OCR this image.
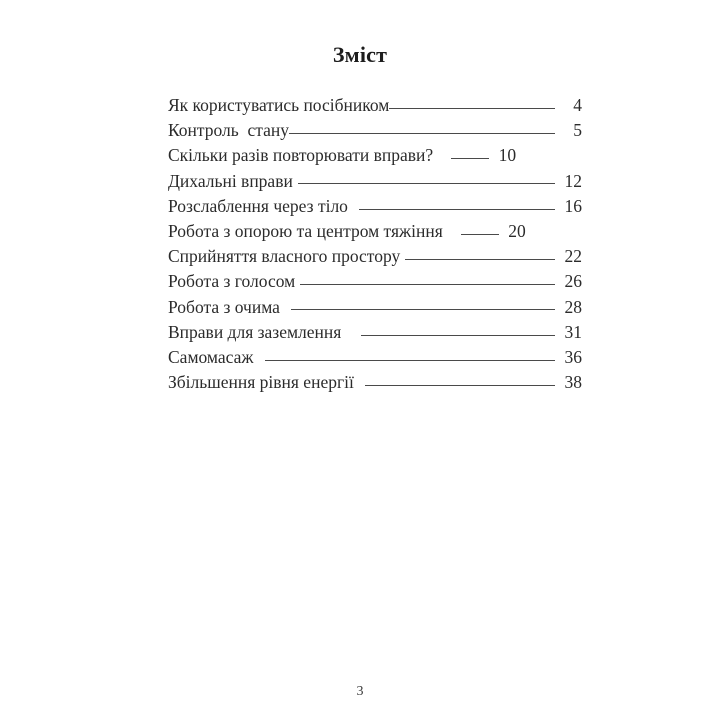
Зміст
Як користуватись посібником	4
Контроль  стану	5
Скільки разів повторювати вправи?	10
Дихальні вправи	12
Розслаблення через тіло	16
Робота з опорою та центром тяжіння	20
Сприйняття власного простору	22
Робота з голосом	26
Робота з очима	28
Вправи для заземлення	31
Самомасаж	36
Збільшення рівня енергії	38
3
